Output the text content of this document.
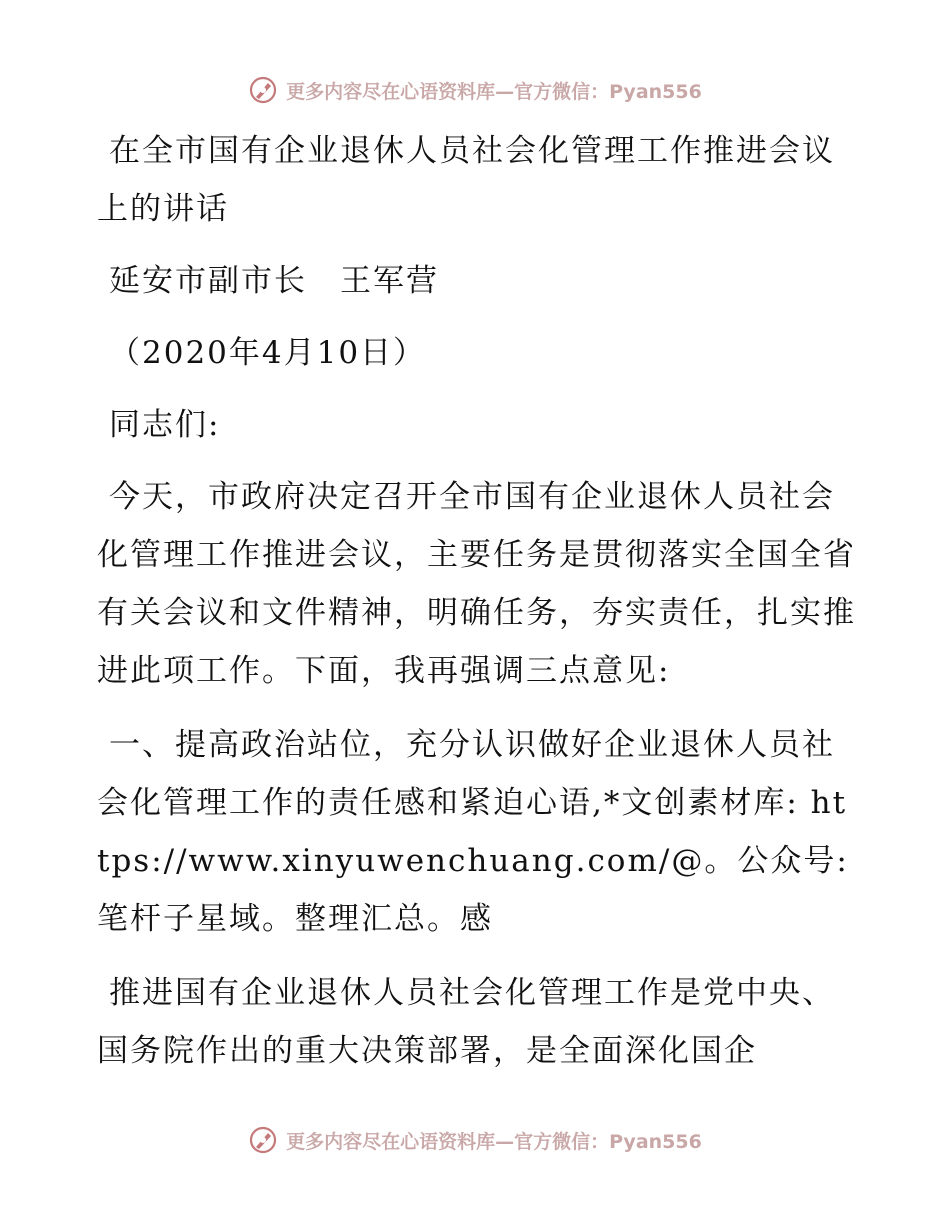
更多内容尽在心语资料库—官方微信：Pyan556

在全市国有企业退休人员社会化管理工作推进会议上的讲话

延安市副市长　王军营

（2020年4月10日）

同志们:

今天，市政府决定召开全市国有企业退休人员社会化管理工作推进会议，主要任务是贯彻落实全国全省有关会议和文件精神，明确任务，夯实责任，扎实推进此项工作。下面，我再强调三点意见:

一、提高政治站位，充分认识做好企业退休人员社会化管理工作的责任感和紧迫心语,*文创素材库: https://www.xinyuwenchuang.com/@。公众号: 笔杆子星域。整理汇总。感

推进国有企业退休人员社会化管理工作是党中央、国务院作出的重大决策部署，是全面深化国企

更多内容尽在心语资料库—官方微信：Pyan556
